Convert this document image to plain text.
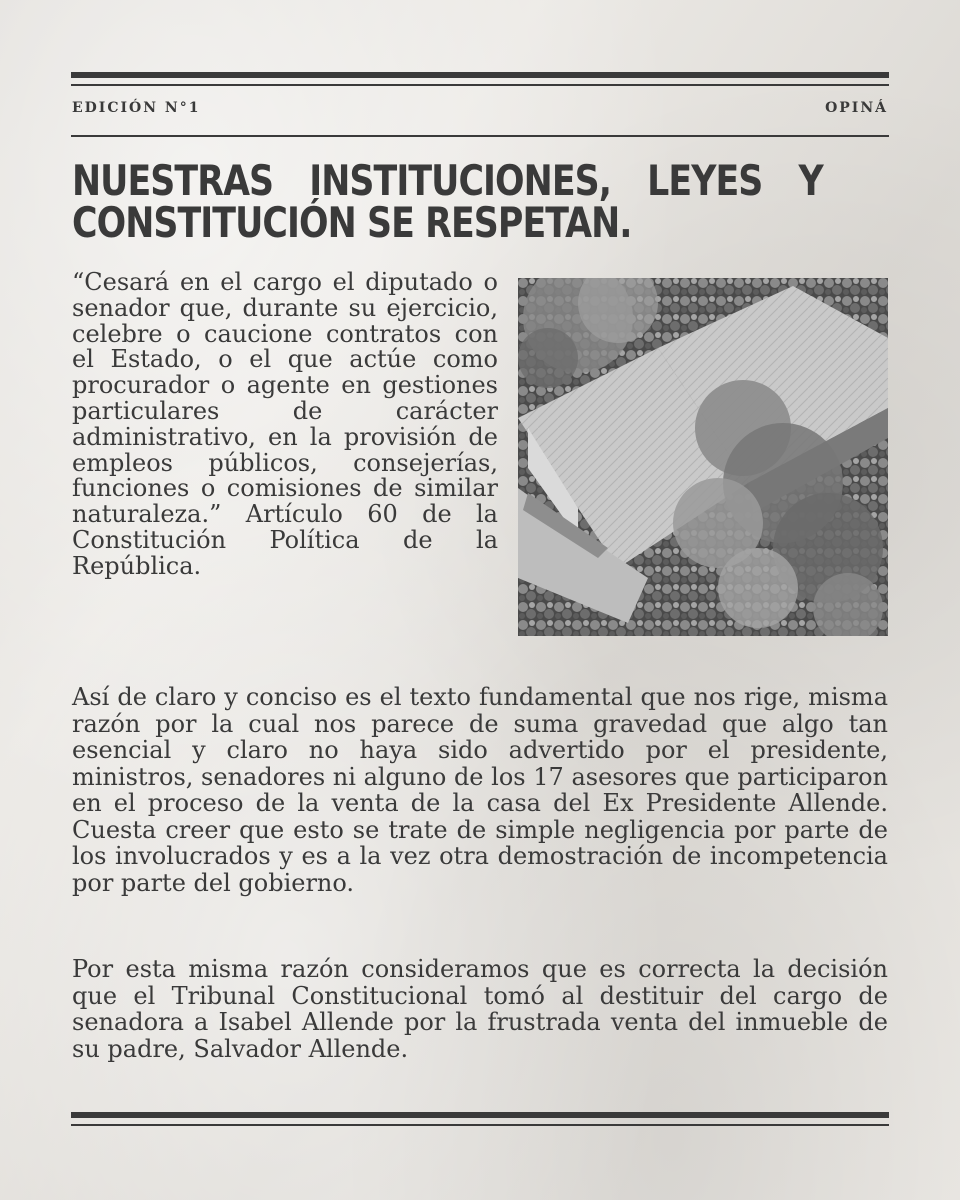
EDICIÓN N°1	OPINÁ
NUESTRAS INSTITUCIONES, LEYES Y CONSTITUCIÓN SE RESPETAN.
“Cesará en el cargo el diputado o senador que, durante su ejercicio, celebre o caucione contratos con el Estado, o el que actúe como procurador o agente en gestiones particulares de carácter administrativo, en la provisión de empleos públicos, consejerías, funciones o comisiones de similar naturaleza.” Artículo 60 de la Constitución Política de la República.

Así de claro y conciso es el texto fundamental que nos rige, misma razón por la cual nos parece de suma gravedad que algo tan esencial y claro no haya sido advertido por el presidente, ministros, senadores ni alguno de los 17 asesores que participaron en el proceso de la venta de la casa del Ex Presidente Allende. Cuesta creer que esto se trate de simple negligencia por parte de los involucrados y es a la vez otra demostración de incompetencia por parte del gobierno.

Por esta misma razón consideramos que es correcta la decisión que el Tribunal Constitucional tomó al destituir del cargo de senadora a Isabel Allende por la frustrada venta del inmueble de su padre, Salvador Allende.
